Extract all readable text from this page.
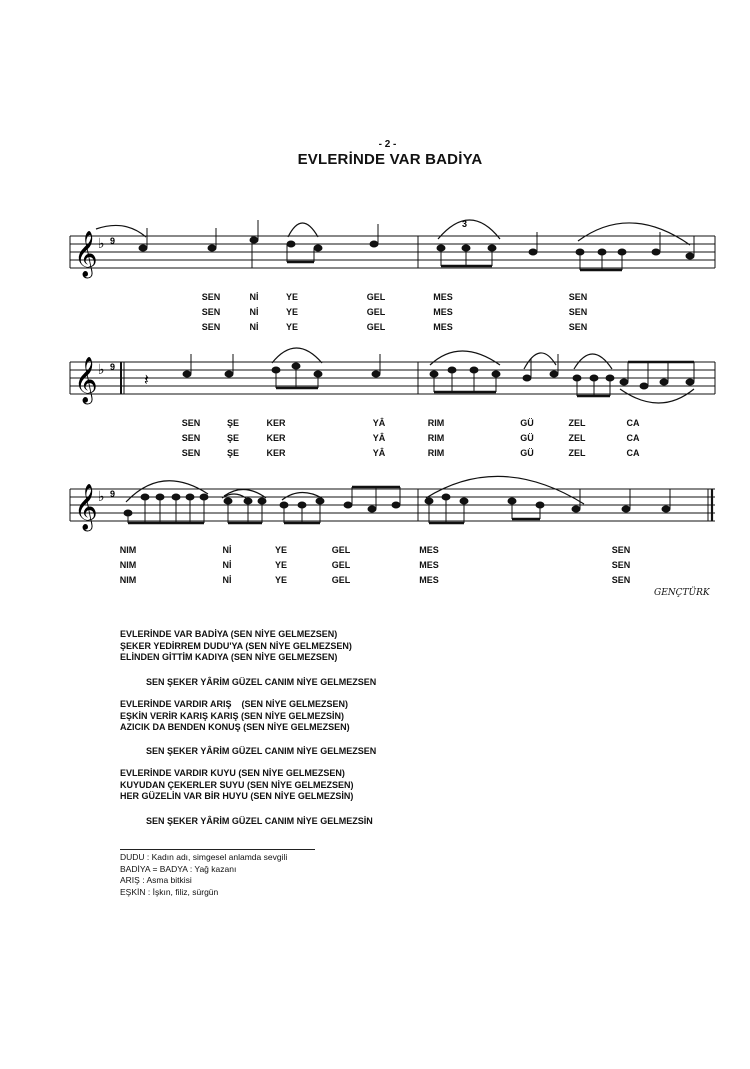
- 2 -
EVLERİNDE VAR BADİYA
𝄞 ♭ 9
3
SEN	Nİ	YE	GEL	MES	SEN
SEN	Nİ	YE	GEL	MES	SEN
SEN	Nİ	YE	GEL	MES	SEN
𝄞 ♭ 9
𝄽
SEN	ŞE	KER	YÂ	RIM	GÜ	ZEL	CA
SEN	ŞE	KER	YÂ	RIM	GÜ	ZEL	CA
SEN	ŞE	KER	YÂ	RIM	GÜ	ZEL	CA
𝄞 ♭ 9
NIM	Nİ	YE	GEL	MES	SEN
NIM	Nİ	YE	GEL	MES	SEN
NIM	Nİ	YE	GEL	MES	SEN
GENÇTÜRK
EVLERİNDE VAR BADİYA (SEN NİYE GELMEZSEN)
ŞEKER YEDİRREM DUDU'YA (SEN NİYE GELMEZSEN)
ELİNDEN GİTTİM KADIYA (SEN NİYE GELMEZSEN)
SEN ŞEKER YÂRİM GÜZEL CANIM NİYE GELMEZSEN
EVLERİNDE VARDIR ARIŞ    (SEN NİYE GELMEZSEN)
EŞKİN VERİR KARIŞ KARIŞ (SEN NİYE GELMEZSİN)
AZICIK DA BENDEN KONUŞ (SEN NİYE GELMEZSEN)
SEN ŞEKER YÂRİM GÜZEL CANIM NİYE GELMEZSEN
EVLERİNDE VARDIR KUYU (SEN NİYE GELMEZSEN)
KUYUDAN ÇEKERLER SUYU (SEN NİYE GELMEZSEN)
HER GÜZELİN VAR BİR HUYU (SEN NİYE GELMEZSİN)
SEN ŞEKER YÂRİM GÜZEL CANIM NİYE GELMEZSİN
DUDU : Kadın adı, simgesel anlamda sevgili
BADİYA = BADYA : Yağ kazanı
ARIŞ : Asma bitkisi
EŞKİN : İşkın, filiz, sürgün
